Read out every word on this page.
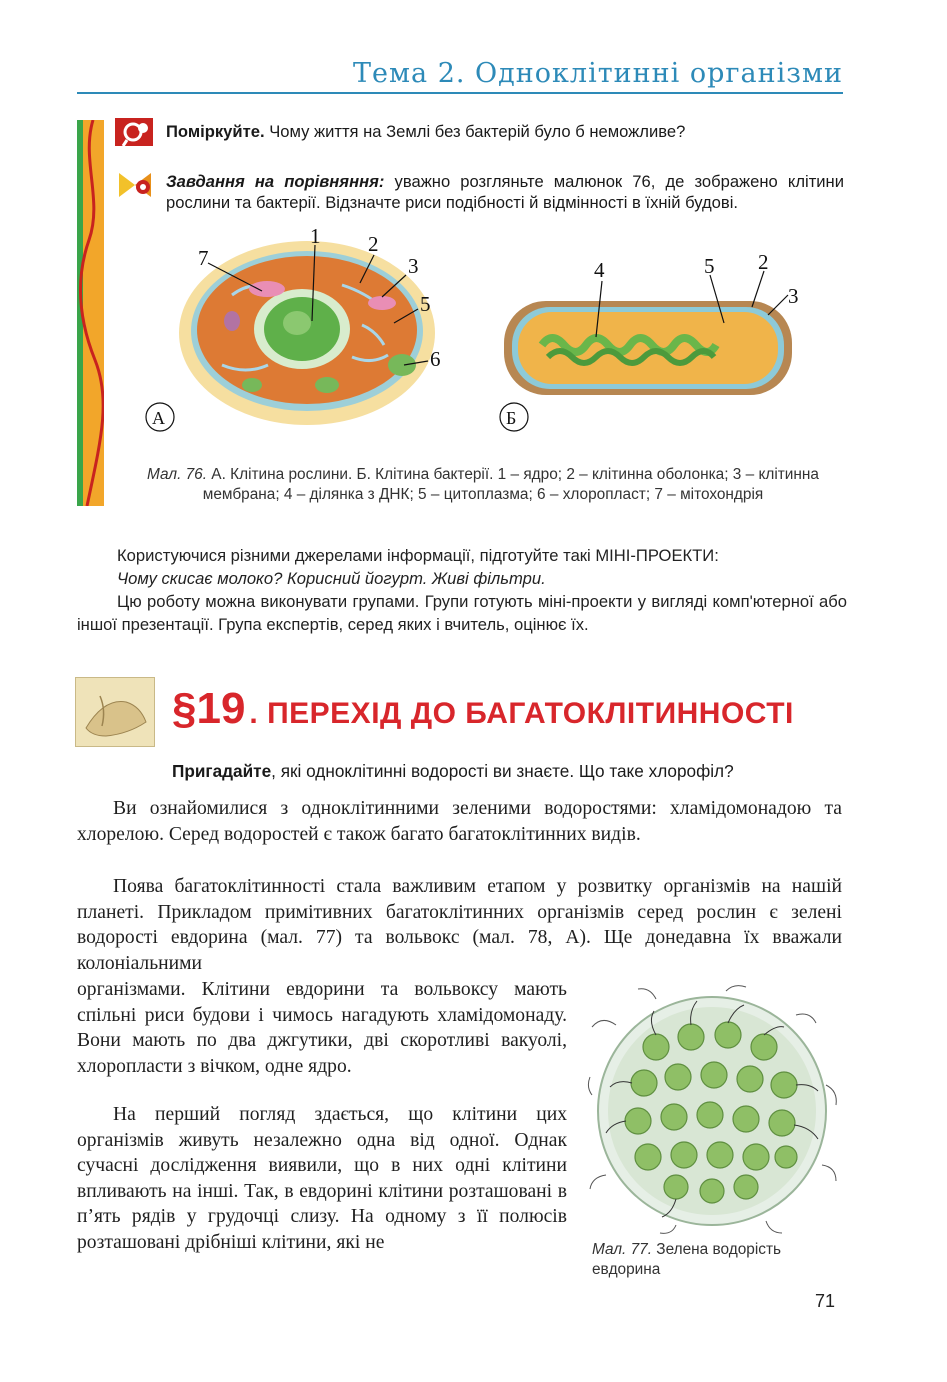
Тема 2. Одноклітинні організми
Поміркуйте. Чому життя на Землі без бактерій було б неможливе?
Завдання на порівняння: уважно розгляньте малюнок 76, де зображено клітини рослини та бактерії. Відзначте риси подібності й відмінності в їхній будові.
1 2
3
5
6
7
А
4	5 2
3
Б
Мал. 76. А. Клітина рослини. Б. Клітина бактерії. 1 – ядро; 2 – клітинна оболонка; 3 – клітинна мембрана; 4 – ділянка з ДНК; 5 – цитоплазма; 6 – хлоропласт; 7 – мітохондрія

Користуючися різними джерелами інформації, підготуйте такі МІНІ-ПРОЕКТИ:

Чому скисає молоко? Корисний йогурт. Живі фільтри.

Цю роботу можна виконувати групами. Групи готують міні-проекти у вигляді комп'ютерної або іншої презентації. Група експертів, серед яких і вчитель, оцінює їх.

§19 . ПЕРЕХІД ДО БАГАТОКЛІТИННОСТІ
Пригадайте, які одноклітинні водорості ви знаєте. Що таке хлорофіл?

Ви ознайомилися з одноклітинними зеленими водоростями: хламідомонадою та хлорелою. Серед водоростей є також багато багатоклітинних видів.

Поява багатоклітинності стала важливим етапом у розвитку організмів на нашій планеті. Прикладом примітивних багатоклітинних організмів серед рослин є зелені водорості евдорина (мал. 77) та вольвокс (мал. 78, А). Ще донедавна їх вважали колоніальними

організмами. Клітини евдорини та вольвоксу мають спільні риси будови і чимось нагадують хламідомонаду. Вони мають по два джгутики, дві скоротливі вакуолі, хлоропласти з вічком, одне ядро.

На перший погляд здається, що клітини цих організмів живуть незалежно одна від одної. Однак сучасні дослідження виявили, що в них одні клітини впливають на інші. Так, в евдорині клітини розташовані в п’ять рядів у грудочці слизу. На одному з її полюсів розташовані дрібніші клітини, які не	Мал. 77. Зелена водорість евдорина
71
